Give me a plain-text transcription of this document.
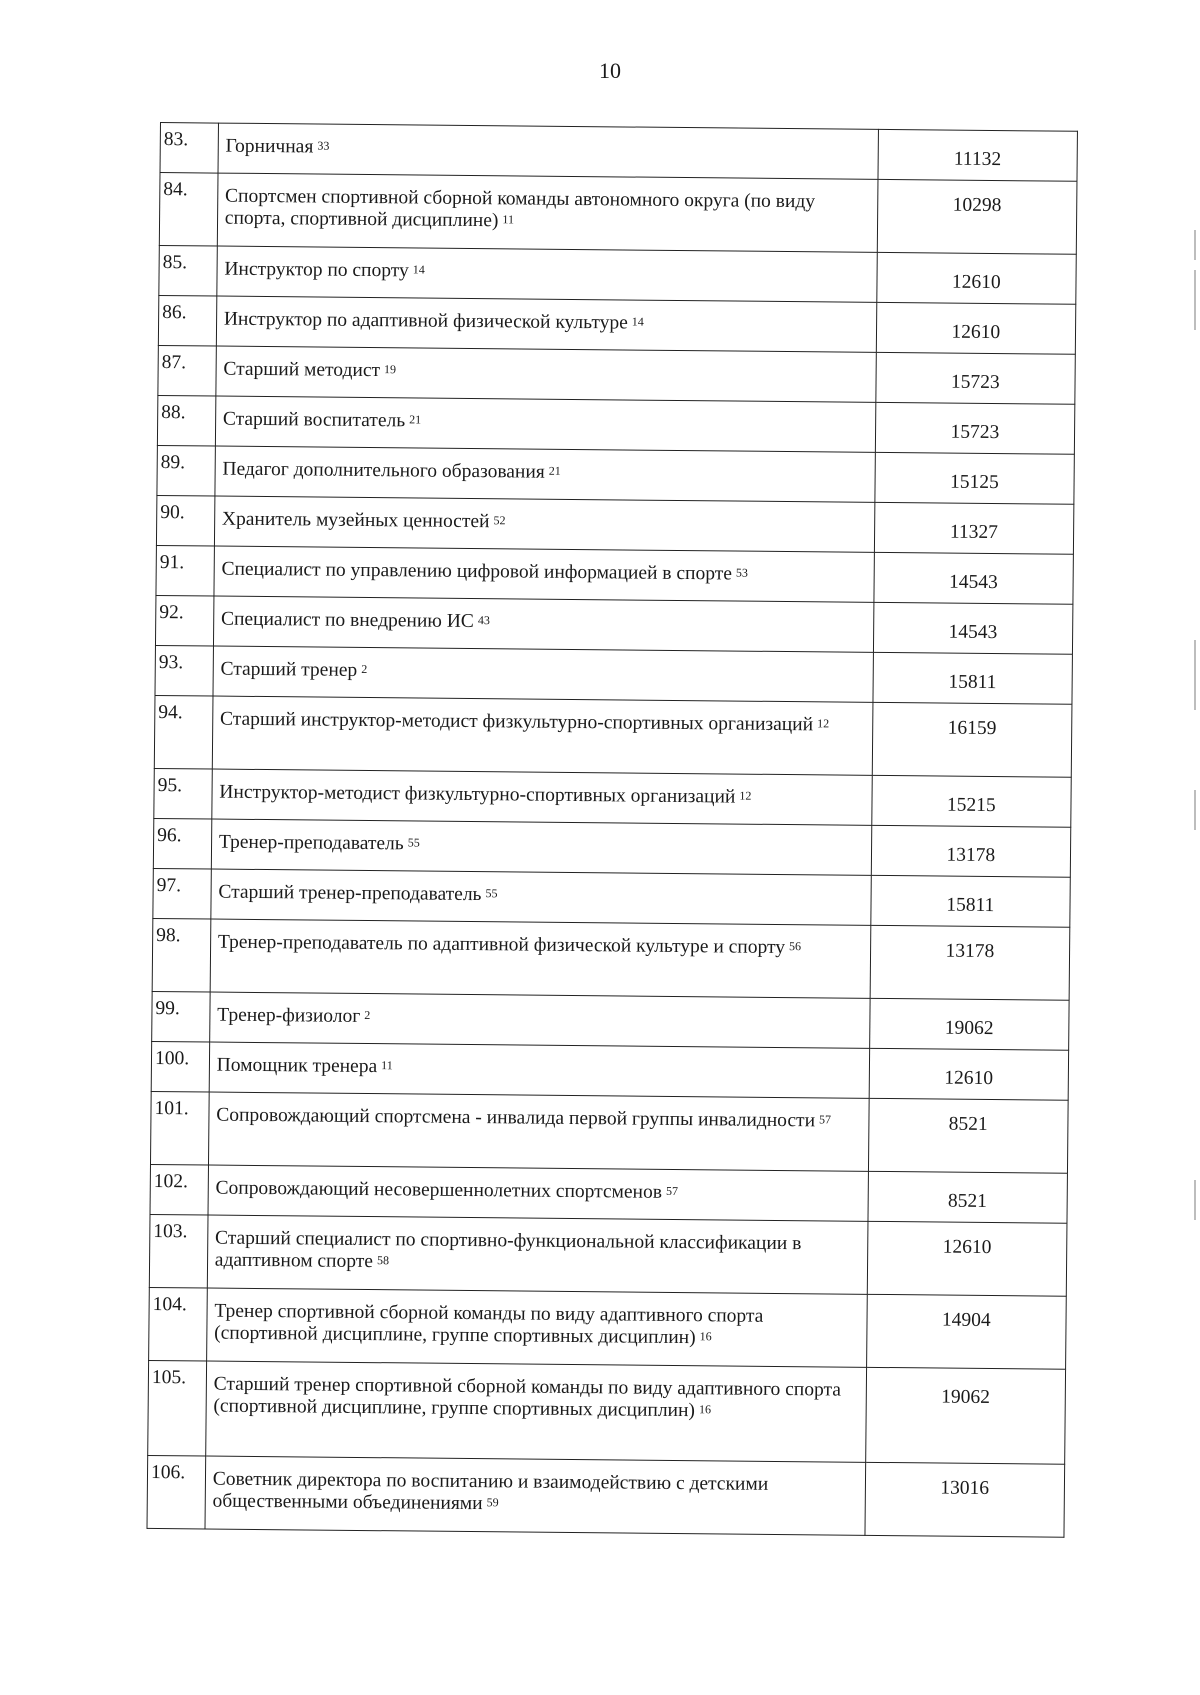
10
83.	Горничная $^{33}$	11132
84.	Спортсмен спортивной сборной команды автономного округа (по виду спорта, спортивной дисциплине) $^{11}$	10298
85.	Инструктор по спорту $^{14}$	12610
86.	Инструктор по адаптивной физической культуре $^{14}$	12610
87.	Старший методист $^{19}$	15723
88.	Старший воспитатель $^{21}$	15723
89.	Педагог дополнительного образования $^{21}$	15125
90.	Хранитель музейных ценностей $^{52}$	11327
91.	Специалист по управлению цифровой информацией в спорте $^{53}$	14543
92.	Специалист по внедрению ИС $^{43}$	14543
93.	Старший тренер $^2$	15811
94.	Старший инструктор-методист физкультурно-спортивных организаций $^{12}$	16159
95.	Инструктор-методист физкультурно-спортивных организаций $^{12}$	15215
96.	Тренер-преподаватель $^{55}$	13178
97.	Старший тренер-преподаватель $^{55}$	15811
98.	Тренер-преподаватель по адаптивной физической культуре и спорту $^{56}$	13178
99.	Тренер-физиолог $^2$	19062
100.	Помощник тренера $^{11}$	12610
101.	Сопровождающий спортсмена - инвалида первой группы инвалидности $^{57}$	8521
102.	Сопровождающий несовершеннолетних спортсменов $^{57}$	8521
103.	Старший специалист по спортивно-функциональной классификации в адаптивном спорте $^{58}$	12610
104.	Тренер спортивной сборной команды по виду адаптивного спорта (спортивной дисциплине, группе спортивных дисциплин) $^{16}$	14904
105.	Старший тренер спортивной сборной команды по виду адаптивного спорта (спортивной дисциплине, группе спортивных дисциплин) $^{16}$	19062
106.	Советник директора по воспитанию и взаимодействию с детскими общественными объединениями $^{59}$	13016
